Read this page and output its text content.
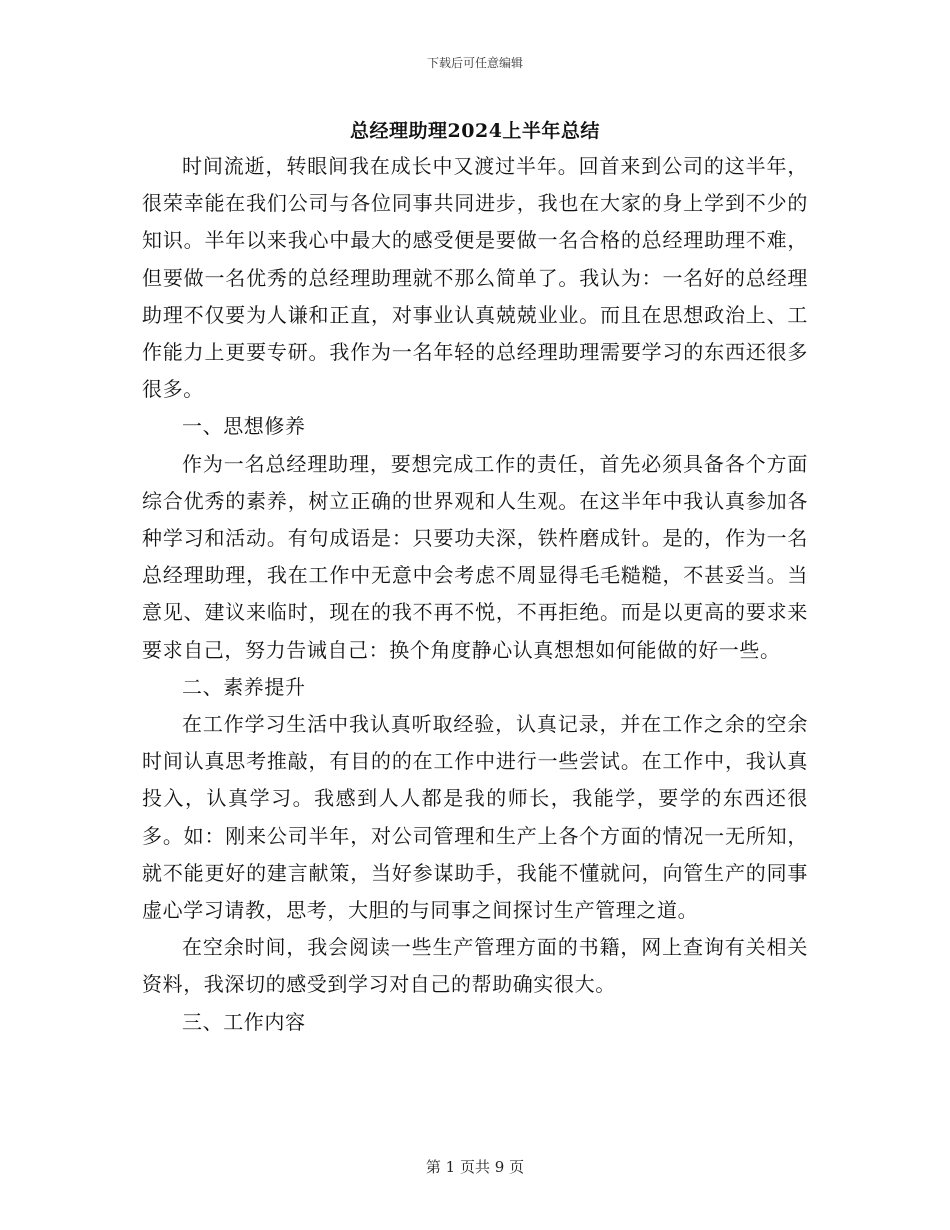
下载后可任意编辑
总经理助理2024上半年总结

时间流逝，转眼间我在成长中又渡过半年。回首来到公司的这半年，很荣幸能在我们公司与各位同事共同进步，我也在大家的身上学到不少的知识。半年以来我心中最大的感受便是要做一名合格的总经理助理不难，但要做一名优秀的总经理助理就不那么简单了。我认为：一名好的总经理助理不仅要为人谦和正直，对事业认真兢兢业业。而且在思想政治上、工作能力上更要专研。我作为一名年轻的总经理助理需要学习的东西还很多很多。

一、思想修养

作为一名总经理助理，要想完成工作的责任，首先必须具备各个方面综合优秀的素养，树立正确的世界观和人生观。在这半年中我认真参加各种学习和活动。有句成语是：只要功夫深，铁杵磨成针。是的，作为一名总经理助理，我在工作中无意中会考虑不周显得毛毛糙糙，不甚妥当。当意见、建议来临时，现在的我不再不悦，不再拒绝。而是以更高的要求来要求自己，努力告诫自己：换个角度静心认真想想如何能做的好一些。

二、素养提升

在工作学习生活中我认真听取经验，认真记录，并在工作之余的空余时间认真思考推敲，有目的的在工作中进行一些尝试。在工作中，我认真投入，认真学习。我感到人人都是我的师长，我能学，要学的东西还很多。如：刚来公司半年，对公司管理和生产上各个方面的情况一无所知，就不能更好的建言献策，当好参谋助手，我能不懂就问，向管生产的同事虚心学习请教，思考，大胆的与同事之间探讨生产管理之道。

在空余时间，我会阅读一些生产管理方面的书籍，网上查询有关相关资料，我深切的感受到学习对自己的帮助确实很大。

三、工作内容

第 1 页共 9 页
